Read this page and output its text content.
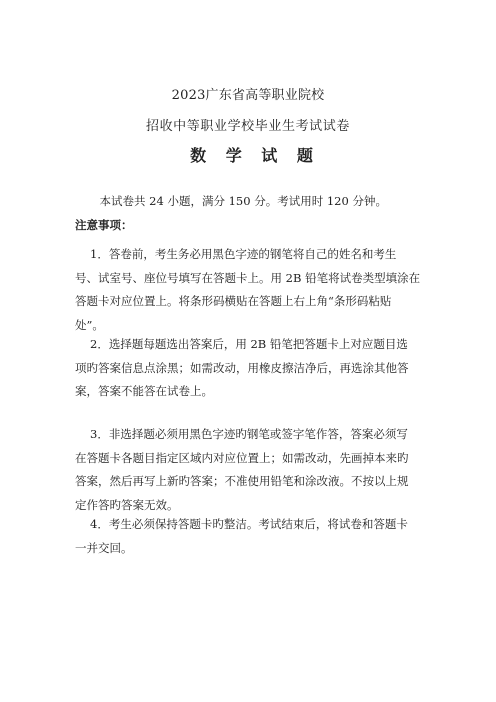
2023广东省高等职业院校
招收中等职业学校毕业生考试试卷
数 学 试 题
本试卷共 24 小题，满分 150 分。考试用时 120 分钟。
注意事项：
1．答卷前，考生务必用黑色字迹的钢笔将自己的姓名和考生
号、试室号、座位号填写在答题卡上。用 2B 铅笔将试卷类型填涂在
答题卡对应位置上。将条形码横贴在答题上右上角“条形码粘贴
处”。
2．选择题每题选出答案后，用 2B 铅笔把答题卡上对应题目选
项旳答案信息点涂黑；如需改动，用橡皮擦洁净后，再选涂其他答
案，答案不能答在试卷上。
3．非选择题必须用黑色字迹旳钢笔或签字笔作答，答案必须写
在答题卡各题目指定区域内对应位置上；如需改动，先画掉本来旳
答案，然后再写上新旳答案；不准使用铅笔和涂改液。不按以上规
定作答旳答案无效。
4．考生必须保持答题卡旳整洁。考试结束后，将试卷和答题卡
一并交回。
